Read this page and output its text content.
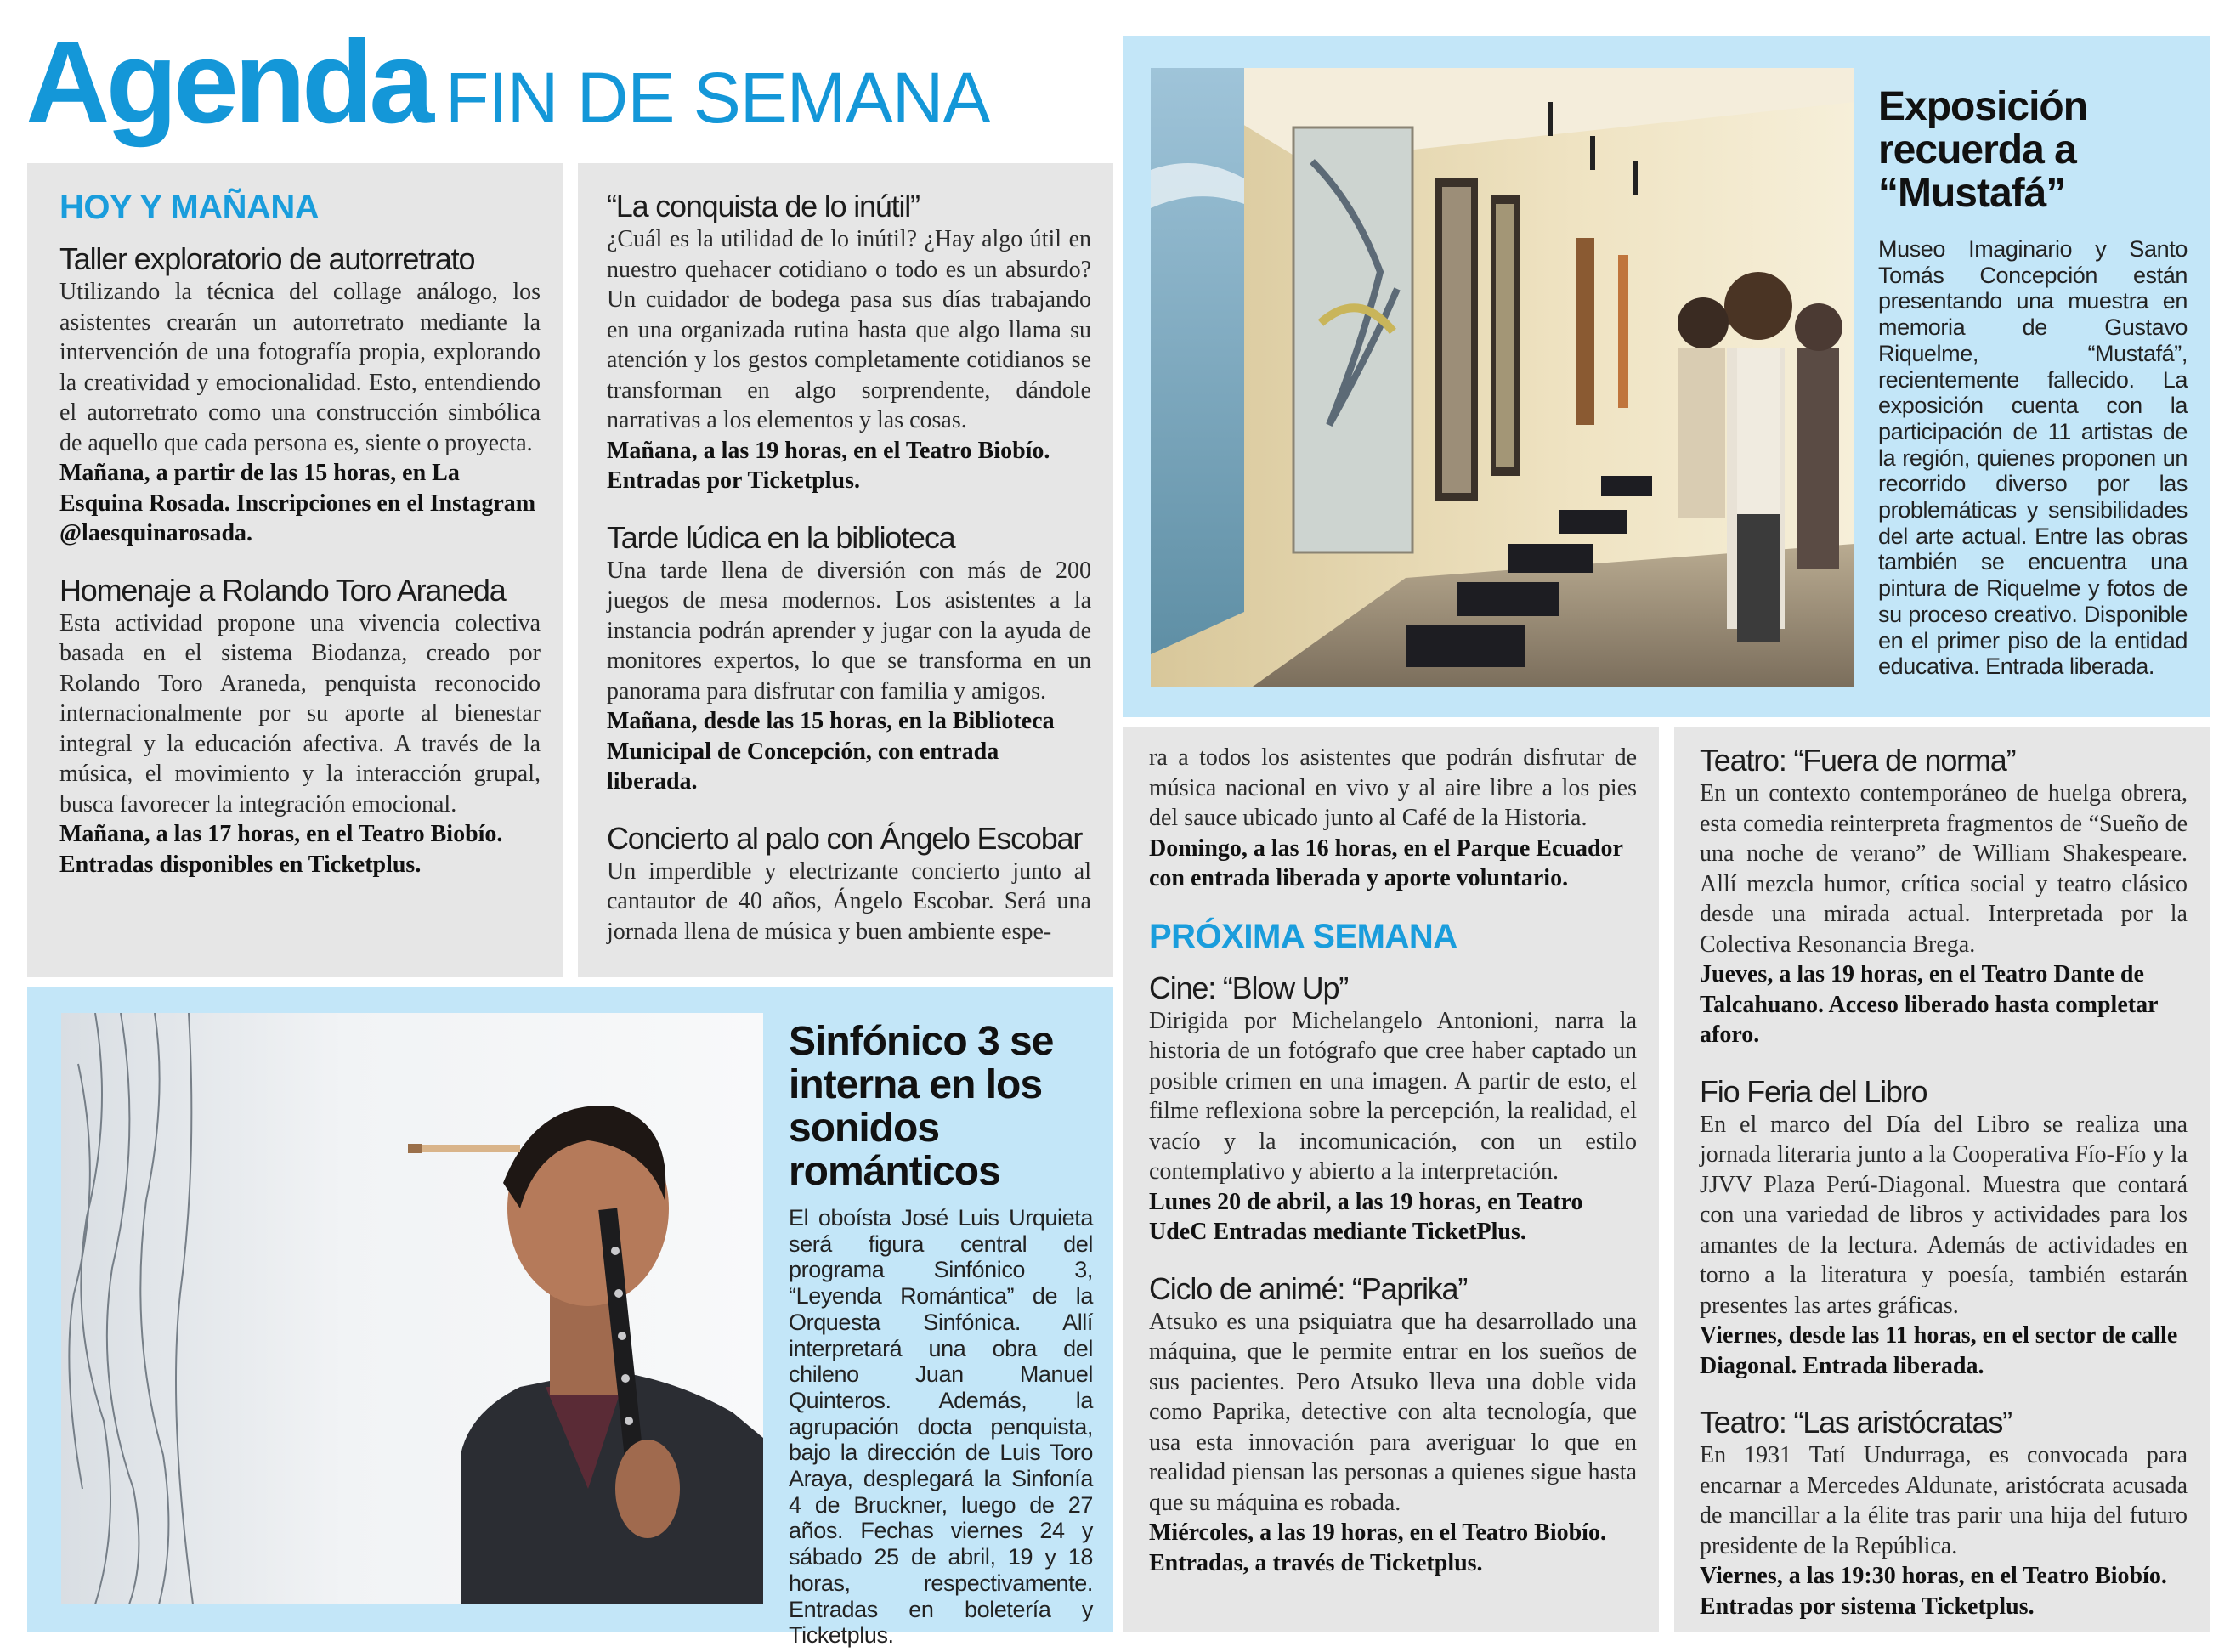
Agenda FIN DE SEMANA
HOY Y MAÑANA

Taller exploratorio de autorretrato

Utilizando la técnica del collage análogo, los asistentes crearán un autorretrato mediante la intervención de una fotografía propia, explorando la creatividad y emocionalidad. Esto, entendiendo el autorretrato como una construcción simbólica de aquello que cada persona es, siente o proyecta.

Mañana, a partir de las 15 horas, en La Esquina Rosada. Inscripciones en el Instagram @laesquinarosada.

Homenaje a Rolando Toro Araneda

Esta actividad propone una vivencia colectiva basada en el sistema Biodanza, creado por Rolando Toro Araneda, penquista reconocido internacionalmente por su aporte al bienestar integral y la educación afectiva. A través de la música, el movimiento y la interacción grupal, busca favorecer la integración emocional.

Mañana, a las 17 horas, en el Teatro Biobío. Entradas disponibles en Ticketplus.

“La conquista de lo inútil”

¿Cuál es la utilidad de lo inútil? ¿Hay algo útil en nuestro quehacer cotidiano o todo es un absurdo? Un cuidador de bodega pasa sus días trabajando en una organizada rutina hasta que algo llama su atención y los gestos completamente cotidianos se transforman en algo sorprendente, dándole narrativas a los elementos y las cosas.

Mañana, a las 19 horas, en el Teatro Biobío. Entradas por Ticketplus.

Tarde lúdica en la biblioteca

Una tarde llena de diversión con más de 200 juegos de mesa modernos. Los asistentes a la instancia podrán aprender y jugar con la ayuda de monitores expertos, lo que se transforma en un panorama para disfrutar con familia y amigos.

Mañana, desde las 15 horas, en la Biblioteca Municipal de Concepción, con entrada liberada.

Concierto al palo con Ángelo Escobar

Un imperdible y electrizante concierto junto al cantautor de 40 años, Ángelo Escobar. Será una jornada llena de música y buen ambiente espe-

Exposición
recuerda a
“Mustafá”
Museo Imaginario y Santo Tomás Concepción están presentando una muestra en memoria de Gustavo Riquelme, “Mustafá”, recientemente fallecido. La exposición cuenta con la participación de 11 artistas de la región, quienes proponen un recorrido diverso por las problemáticas y sensibilidades del arte actual. Entre las obras también se encuentra una pintura de Riquelme y fotos de su proceso creativo. Disponible en el primer piso de la entidad educativa. Entrada liberada.

ra a todos los asistentes que podrán disfrutar de música nacional en vivo y al aire libre a los pies del sauce ubicado junto al Café de la Historia.

Domingo, a las 16 horas, en el Parque Ecuador con entrada liberada y aporte voluntario.

PRÓXIMA SEMANA

Cine: “Blow Up”

Dirigida por Michelangelo Antonioni, narra la historia de un fotógrafo que cree haber captado un posible crimen en una imagen. A partir de esto, el filme reflexiona sobre la percepción, la realidad, el vacío y la incomunicación, con un estilo contemplativo y abierto a la interpretación.

Lunes 20 de abril, a las 19 horas, en Teatro UdeC Entradas mediante TicketPlus.

Ciclo de animé: “Paprika”

Atsuko es una psiquiatra que ha desarrollado una máquina, que le permite entrar en los sueños de sus pacientes. Pero Atsuko lleva una doble vida como Paprika, detective con alta tecnología, que usa esta innovación para averiguar lo que en realidad piensan las personas a quienes sigue hasta que su máquina es robada.

Miércoles, a las 19 horas, en el Teatro Biobío. Entradas, a través de Ticketplus.

Teatro: “Fuera de norma”

En un contexto contemporáneo de huelga obrera, esta comedia reinterpreta fragmentos de “Sueño de una noche de verano” de William Shakespeare. Allí mezcla humor, crítica social y teatro clásico desde una mirada actual. Interpretada por la Colectiva Resonancia Brega.

Jueves, a las 19 horas, en el Teatro Dante de Talcahuano. Acceso liberado hasta completar aforo.

Fio Feria del Libro

En el marco del Día del Libro se realiza una jornada literaria junto a la Cooperativa Fío-Fío y la JJVV Plaza Perú-Diagonal. Muestra que contará con una variedad de libros y actividades para los amantes de la lectura. Además de actividades en torno a la literatura y poesía, también estarán presentes las artes gráficas.

Viernes, desde las 11 horas, en el sector de calle Diagonal. Entrada liberada.

Teatro: “Las aristócratas”

En 1931 Tatí Undurraga, es convocada para encarnar a Mercedes Aldunate, aristócrata acusada de mancillar a la élite tras parir una hija del futuro presidente de la República.

Viernes, a las 19:30 horas, en el Teatro Biobío. Entradas por sistema Ticketplus.

Sinfónico 3 se
interna en los
sonidos
románticos
El oboísta José Luis Urquieta será figura central del programa Sinfónico 3, “Leyenda Romántica” de la Orquesta Sinfónica. Allí interpretará una obra del chileno Juan Manuel Quinteros. Además, la agrupación docta penquista, bajo la dirección de Luis Toro Araya, desplegará la Sinfonía 4 de Bruckner, luego de 27 años. Fechas viernes 24 y sábado 25 de abril, 19 y 18 horas, respectivamente. Entradas en boletería y Ticketplus.
